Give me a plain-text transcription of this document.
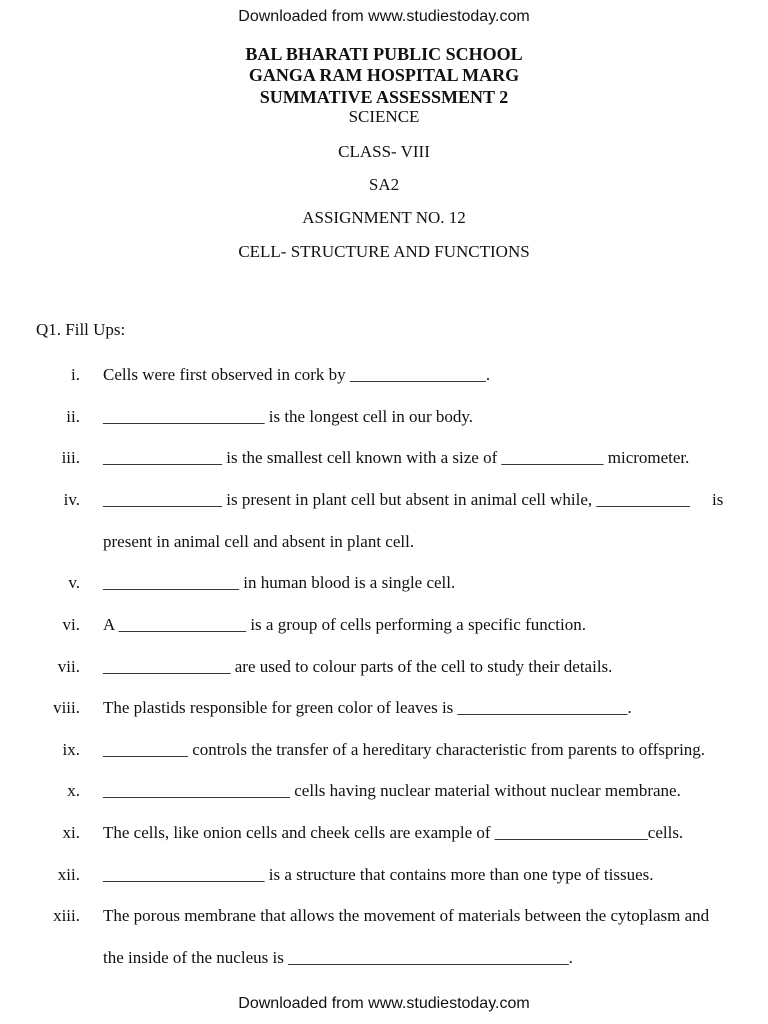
Downloaded from www.studiestoday.com
BAL BHARATI PUBLIC SCHOOL
GANGA RAM HOSPITAL MARG
SUMMATIVE ASSESSMENT 2
SCIENCE
CLASS- VIII
SA2
ASSIGNMENT NO. 12
CELL- STRUCTURE AND FUNCTIONS
Q1. Fill Ups:
i. Cells were first observed in cork by ________________.
ii. ___________________ is the longest cell in our body.
iii. ______________ is the smallest cell known with a size of ____________ micrometer.
iv. ______________ is present in plant cell but absent in animal cell while, ___________	is
present in animal cell and absent in plant cell.
v. ________________ in human blood is a single cell.
vi. A _______________ is a group of cells performing a specific function.
vii. _______________ are used to colour parts of the cell to study their details.
viii. The plastids responsible for green color of leaves is ____________________.
ix. __________ controls the transfer of a hereditary characteristic from parents to offspring.
x. ______________________ cells having nuclear material without nuclear membrane.
xi. The cells, like onion cells and cheek cells are example of __________________cells.
xii. ___________________ is a structure that contains more than one type of tissues.
xiii. The porous membrane that allows the movement of materials between the cytoplasm and
the inside of the nucleus is _________________________________.
Downloaded from www.studiestoday.com
